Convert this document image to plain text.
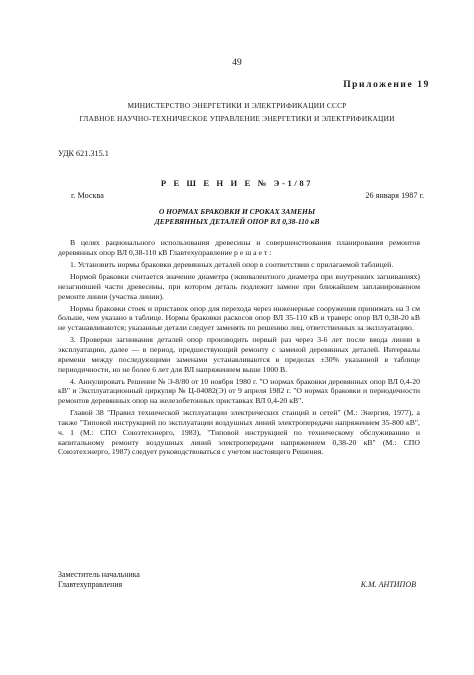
49
Приложение 19
МИНИСТЕРСТВО ЭНЕРГЕТИКИ И ЭЛЕКТРИФИКАЦИИ СССР
ГЛАВНОЕ НАУЧНО-ТЕХНИЧЕСКОЕ УПРАВЛЕНИЕ ЭНЕРГЕТИКИ И ЭЛЕКТРИФИКАЦИИ
УДК 621.315.1
Р Е Ш Е Н И Е № Э-1/87
г. Москва	26 января 1987 г.
О НОРМАХ БРАКОВКИ И СРОКАХ ЗАМЕНЫ
ДЕРЕВЯННЫХ ДЕТАЛЕЙ ОПОР ВЛ 0,38-110 кВ

В целях рационального использования древесины и совершенствования планирования ремонтов деревянных опор ВЛ 0,38-110 кВ Главтехуправление р е ш а е т :

1. Установить нормы браковки деревянных деталей опор в соответствии с прилагаемой таблицей.

Нормой браковки считается значение диаметра (эквивалентного диаметра при внутренних загниваниях) незагнившей части древесины, при котором деталь подлежит замене при ближайшем запланированном ремонте линии (участка линии).

Нормы браковки стоек и приставок опор для перехода через инженерные сооружения принимать на 3 см больше, чем указано в таблице. Нормы браковки раскосов опор ВЛ 35-110 кВ и траверс опор ВЛ 0,38-20 кВ не устанавливаются; указанные детали следует заменять по решению лиц, ответственных за эксплуатацию.

3. Проверки загнивания деталей опор производить первый раз через 3-6 лет после ввода линии в эксплуатацию, далее — в период, предшествующий ремонту с заменой деревянных деталей. Интервалы времени между последующими заменами устанавливаются в пределах ±30% указанной в таблице периодичности, но не более 6 лет для ВЛ напряжением выше 1000 В.

4. Аннулировать Решение № Э-8/80 от 10 ноября 1980 г. "О нормах браковки деревянных опор ВЛ 0,4-20 кВ" и Эксплуатационный циркуляр № Ц-04082(Э) от 9 апреля 1982 г. "О нормах браковки и периодичности ремонтов деревянных опор на железобетонных приставках ВЛ 0,4-20 кВ".

Главой 38 "Правил технической эксплуатации электрических станций и сетей" (М.: Энергия, 1977), а также "Типовой инструкцией по эксплуатации воздушных линий электропередачи напряжением 35-800 кВ", ч. 1 (М.: СПО Союзтехэнерго, 1983), "Типовой инструкцией по техническому обслуживанию и капитальному ремонту воздушных линий электропередачи напряжением 0,38-20 кВ" (М.: СПО Союзтехэнерго, 1987) следует руководствоваться с учетом настоящего Решения.

Заместитель начальника
Главтехуправления	К.М. АНТИПОВ
